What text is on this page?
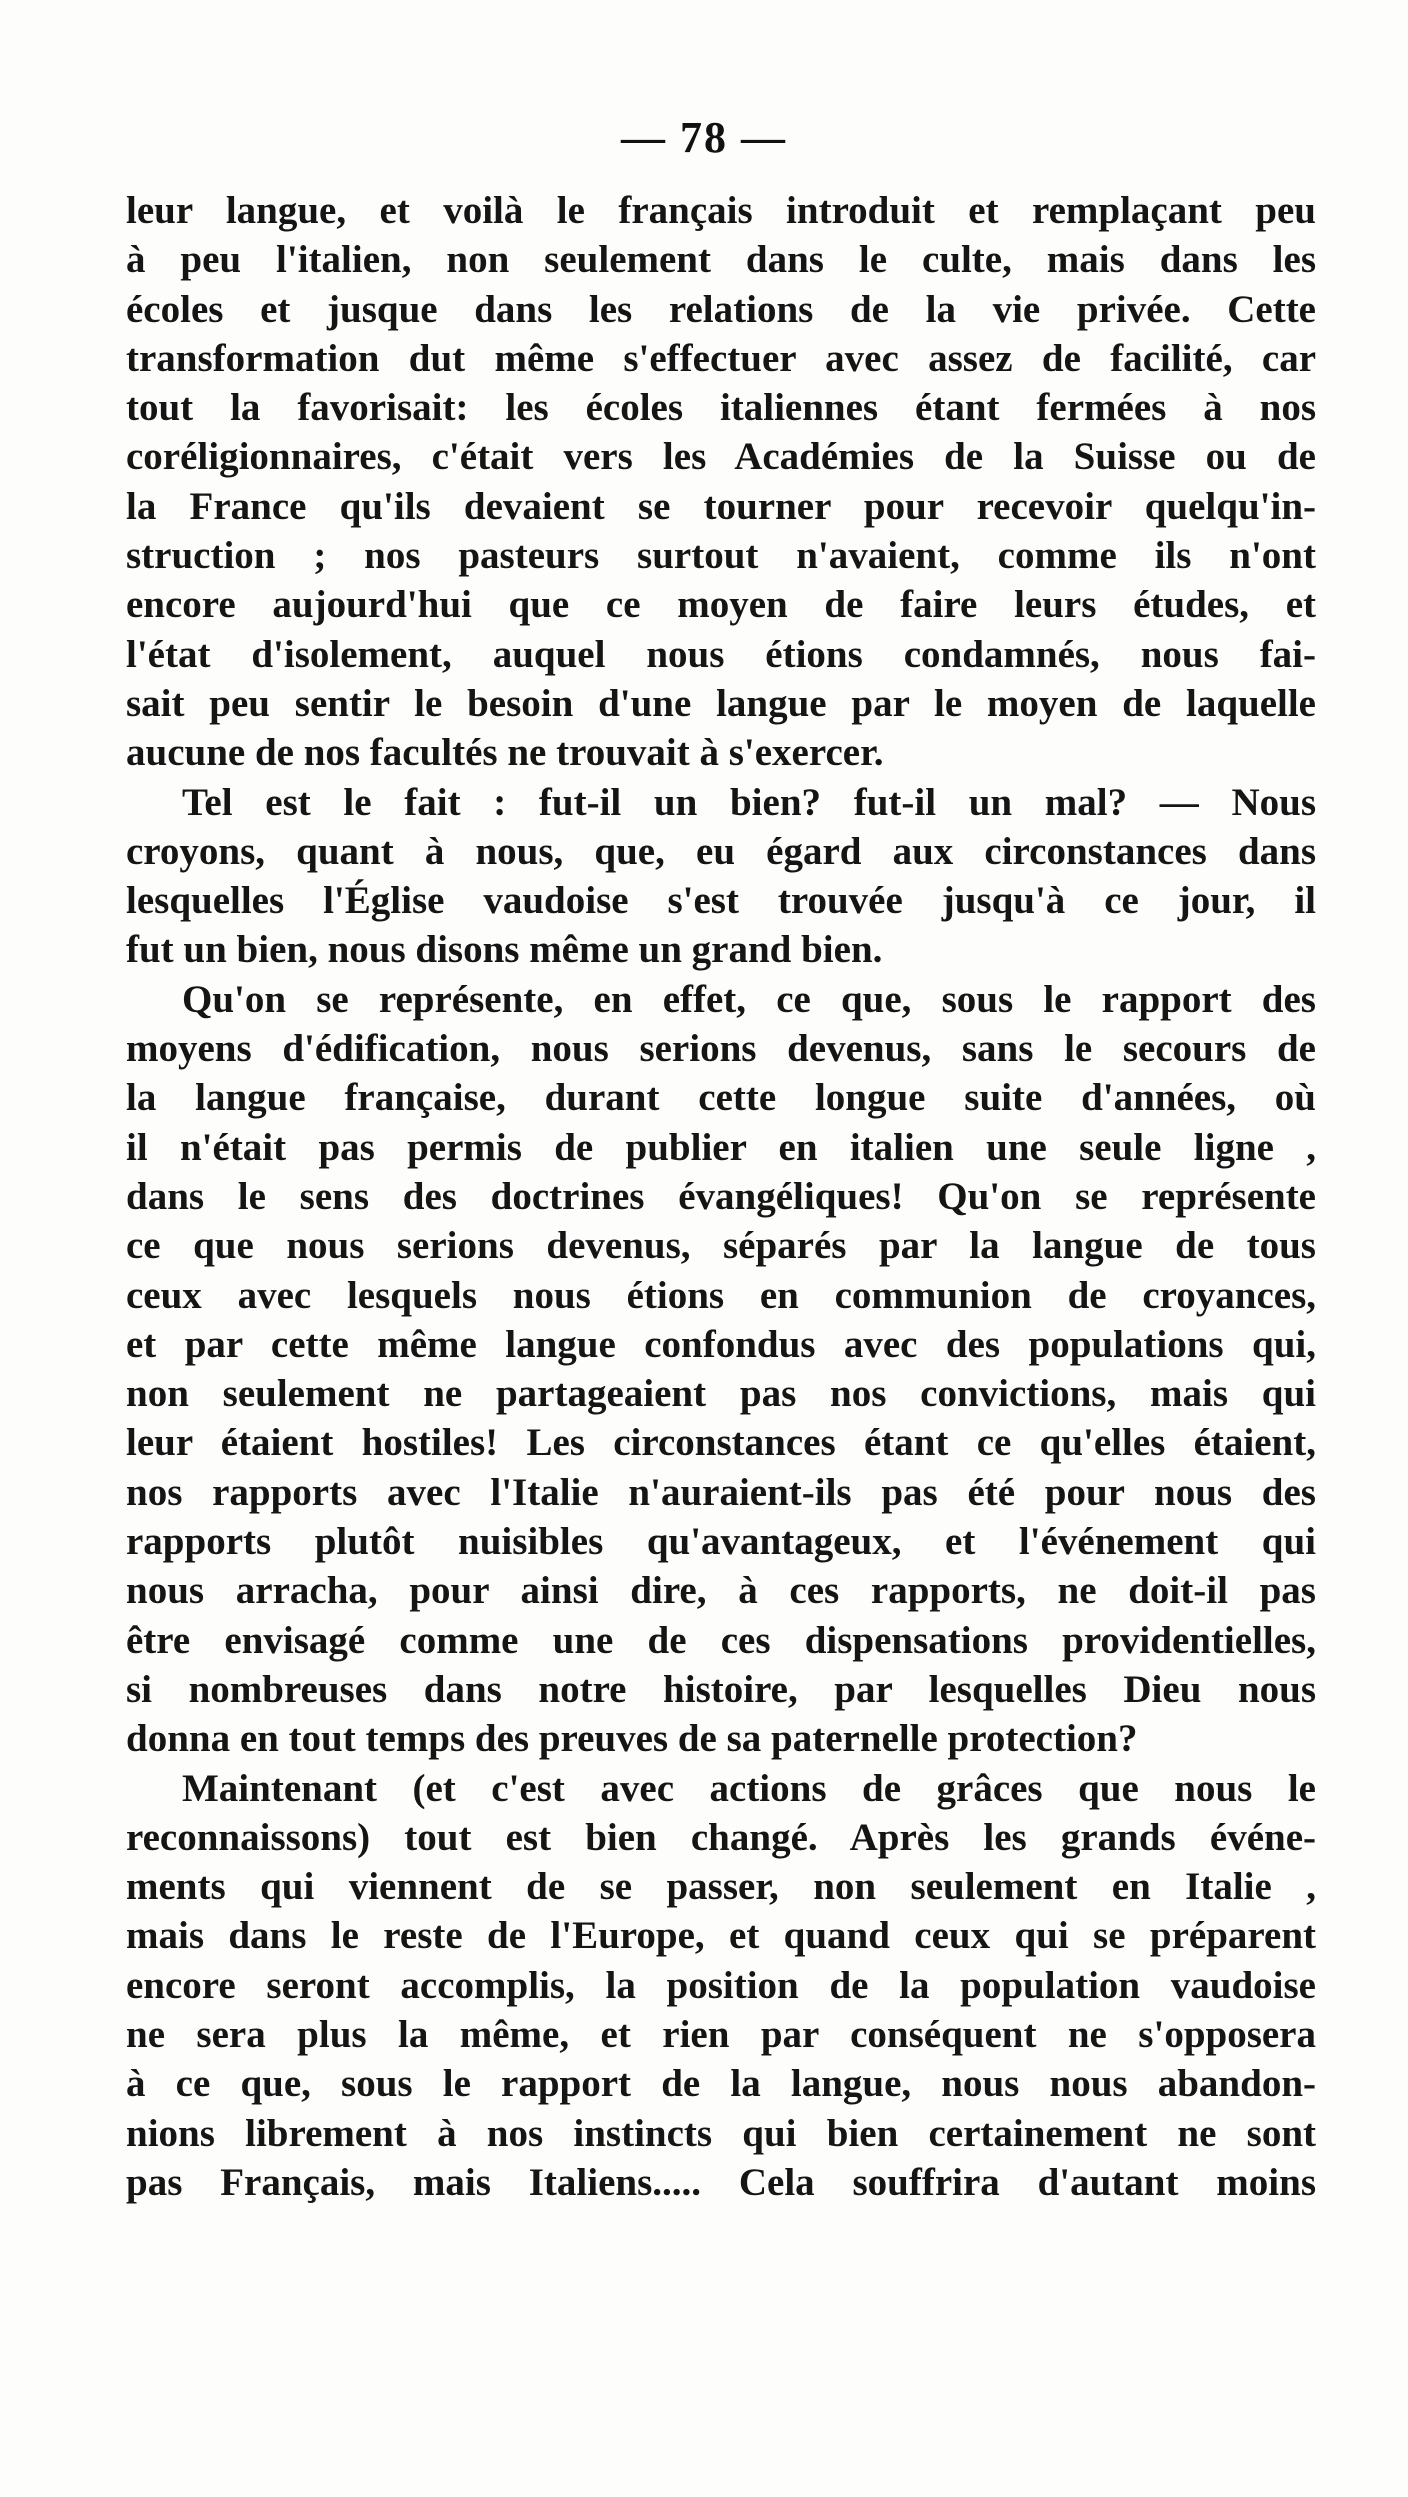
— 78 —
leur langue, et voilà le français introduit et remplaçant peu
à peu l'italien, non seulement dans le culte, mais dans les
écoles et jusque dans les relations de la vie privée. Cette
transformation dut même s'effectuer avec assez de facilité, car
tout la favorisait: les écoles italiennes étant fermées à nos
coréligionnaires, c'était vers les Académies de la Suisse ou de
la France qu'ils devaient se tourner pour recevoir quelqu'in-
struction ; nos pasteurs surtout n'avaient, comme ils n'ont
encore aujourd'hui que ce moyen de faire leurs études, et
l'état d'isolement, auquel nous étions condamnés, nous fai-
sait peu sentir le besoin d'une langue par le moyen de laquelle
aucune de nos facultés ne trouvait à s'exercer.
Tel est le fait : fut-il un bien? fut-il un mal? — Nous
croyons, quant à nous, que, eu égard aux circonstances dans
lesquelles l'Église vaudoise s'est trouvée jusqu'à ce jour, il
fut un bien, nous disons même un grand bien.
Qu'on se représente, en effet, ce que, sous le rapport des
moyens d'édification, nous serions devenus, sans le secours de
la langue française, durant cette longue suite d'années, où
il n'était pas permis de publier en italien une seule ligne ,
dans le sens des doctrines évangéliques! Qu'on se représente
ce que nous serions devenus, séparés par la langue de tous
ceux avec lesquels nous étions en communion de croyances,
et par cette même langue confondus avec des populations qui,
non seulement ne partageaient pas nos convictions, mais qui
leur étaient hostiles! Les circonstances étant ce qu'elles étaient,
nos rapports avec l'Italie n'auraient-ils pas été pour nous des
rapports plutôt nuisibles qu'avantageux, et l'événement qui
nous arracha, pour ainsi dire, à ces rapports, ne doit-il pas
être envisagé comme une de ces dispensations providentielles,
si nombreuses dans notre histoire, par lesquelles Dieu nous
donna en tout temps des preuves de sa paternelle protection?
Maintenant (et c'est avec actions de grâces que nous le
reconnaissons) tout est bien changé. Après les grands événe-
ments qui viennent de se passer, non seulement en Italie ,
mais dans le reste de l'Europe, et quand ceux qui se préparent
encore seront accomplis, la position de la population vaudoise
ne sera plus la même, et rien par conséquent ne s'opposera
à ce que, sous le rapport de la langue, nous nous abandon-
nions librement à nos instincts qui bien certainement ne sont
pas Français, mais Italiens..... Cela souffrira d'autant moins
